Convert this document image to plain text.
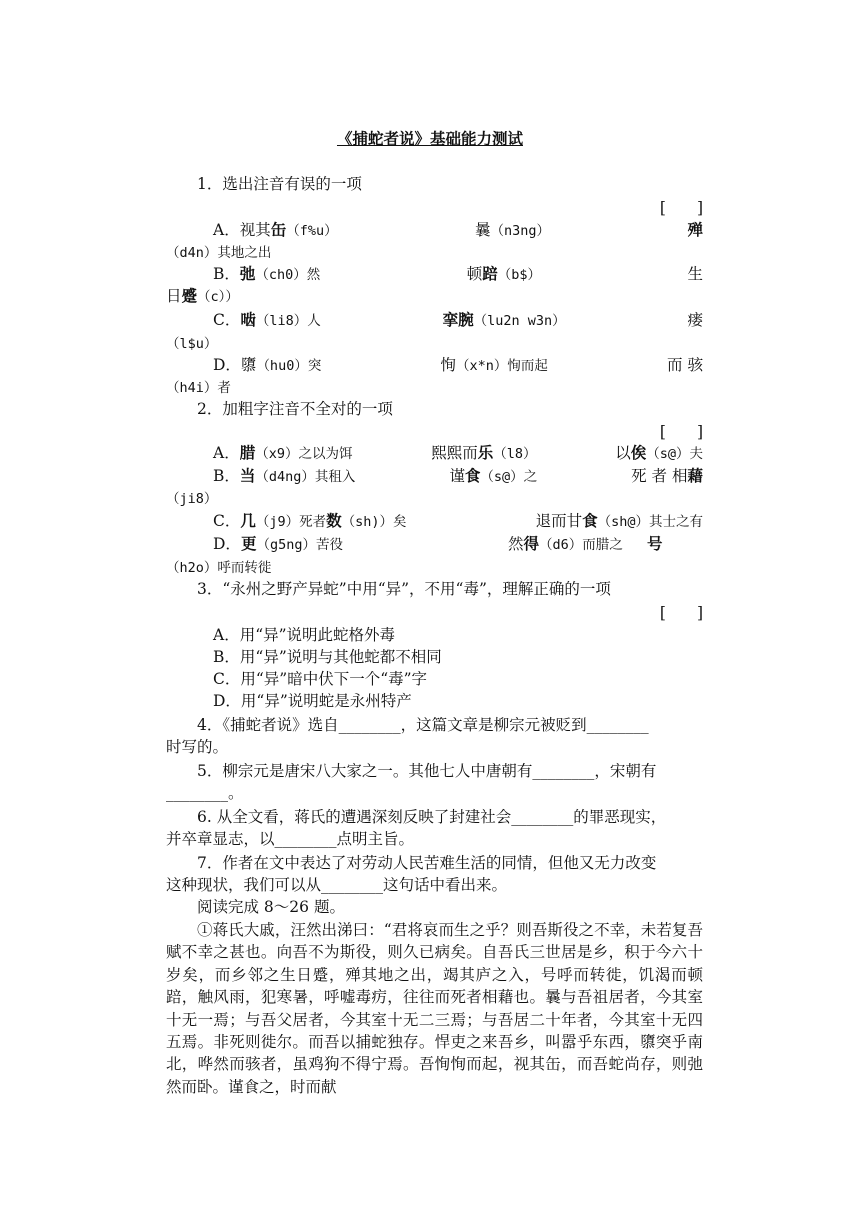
《捕蛇者说》基础能力测试
1．选出注音有误的一项
[　　]
A．视其缶（f%u）	曩（n3ng）	殚
（d4n）其地之出
B．弛（ch0）然	顿踣（b$）	生
日蹙（c））
C．啮（li8）人	挛腕（lu2n w3n）	瘘
（l$u）
D．隳（hu0）突	恂（x*n）恂而起	而 骇
（h4i）者
2．加粗字注音不全对的一项
[　　]
A．腊（x9）之以为饵	熙熙而乐（l8）	以俟（s@）夫
B．当（d4ng）其租入	谨食（s@）之	死 者 相藉
（ji8）
C．几（j9）死者数（sh)）矣	退而甘食（sh@）其士之有
D．更（g5ng）苦役	然得（d6）而腊之 号
（h2o）呼而转徙
3．“永州之野产异蛇”中用“异”，不用“毒”，理解正确的一项
[　　]
A．用“异”说明此蛇格外毒
B．用“异”说明与其他蛇都不相同
C．用“异”暗中伏下一个“毒”字
D．用“异”说明蛇是永州特产
4．《捕蛇者说》选自________，这篇文章是柳宗元被贬到________
时写的。
5．柳宗元是唐宋八大家之一。其他七人中唐朝有________，宋朝有
________。
6. 从全文看，蒋氏的遭遇深刻反映了封建社会________的罪恶现实，
并卒章显志，以________点明主旨。
7．作者在文中表达了对劳动人民苦难生活的同情，但他又无力改变
这种现状，我们可以从________这句话中看出来。
阅读完成 8～26 题。

①蒋氏大戚，汪然出涕曰：“君将哀而生之乎？则吾斯役之不幸，未若复吾赋不幸之甚也。向吾不为斯役，则久已病矣。自吾氏三世居是乡，积于今六十岁矣，而乡邻之生日蹙，殚其地之出，竭其庐之入，号呼而转徙，饥渴而顿踣，触风雨，犯寒暑，呼嘘毒疠，往往而死者相藉也。曩与吾祖居者，今其室十无一焉；与吾父居者，今其室十无二三焉；与吾居二十年者，今其室十无四五焉。非死则徙尔。而吾以捕蛇独存。悍吏之来吾乡，叫嚣乎东西，隳突乎南北，哗然而骇者，虽鸡狗不得宁焉。吾恂恂而起，视其缶，而吾蛇尚存，则弛然而卧。谨食之，时而献
